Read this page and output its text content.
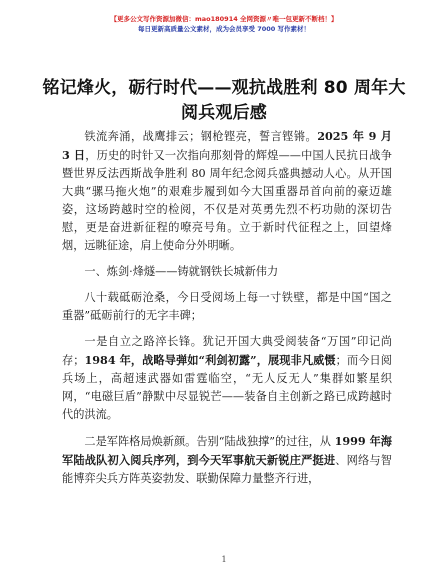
【更多公文写作资源加微信：mao180914 全网资源〃唯一包更新不断档！】
每日更新高质量公文素材，成为会员享受 7000 写作素材！
铭记烽火，砺行时代——观抗战胜利 80 周年大阅兵观后感

铁流奔涌，战鹰排云；钢枪铿亮，誓言铿锵。2025 年 9 月 3 日，历史的时针又一次指向那刻骨的辉煌——中国人民抗日战争暨世界反法西斯战争胜利 80 周年纪念阅兵盛典撼动人心。从开国大典“骡马拖火炮”的艰难步履到如今大国重器昂首向前的豪迈雄姿，这场跨越时空的检阅，不仅是对英勇先烈不朽功勋的深切告慰，更是奋进新征程的嘹亮号角。立于新时代征程之上，回望烽烟，远眺征途，肩上使命分外明晰。

一、炼剑·烽燧——铸就钢铁长城新伟力

八十载砥砺沧桑，今日受阅场上每一寸铁壁，都是中国“国之重器”砥砺前行的无字丰碑；

一是自立之路淬长锋。犹记开国大典受阅装备“万国”印记尚存；1984 年，战略导弹如“利剑初露”，展现非凡威慑；而今日阅兵场上，高超速武器如雷霆临空，“无人反无人”集群如繁星织网，“电磁巨盾”静默中尽显锐芒——装备自主创新之路已成跨越时代的洪流。

二是军阵格局焕新颜。告别“陆战独撑”的过往，从 1999 年海军陆战队初入阅兵序列，到今天军事航天新锐庄严挺进、网络与智能博弈尖兵方阵英姿勃发、联勤保障力量整齐行进，

1
